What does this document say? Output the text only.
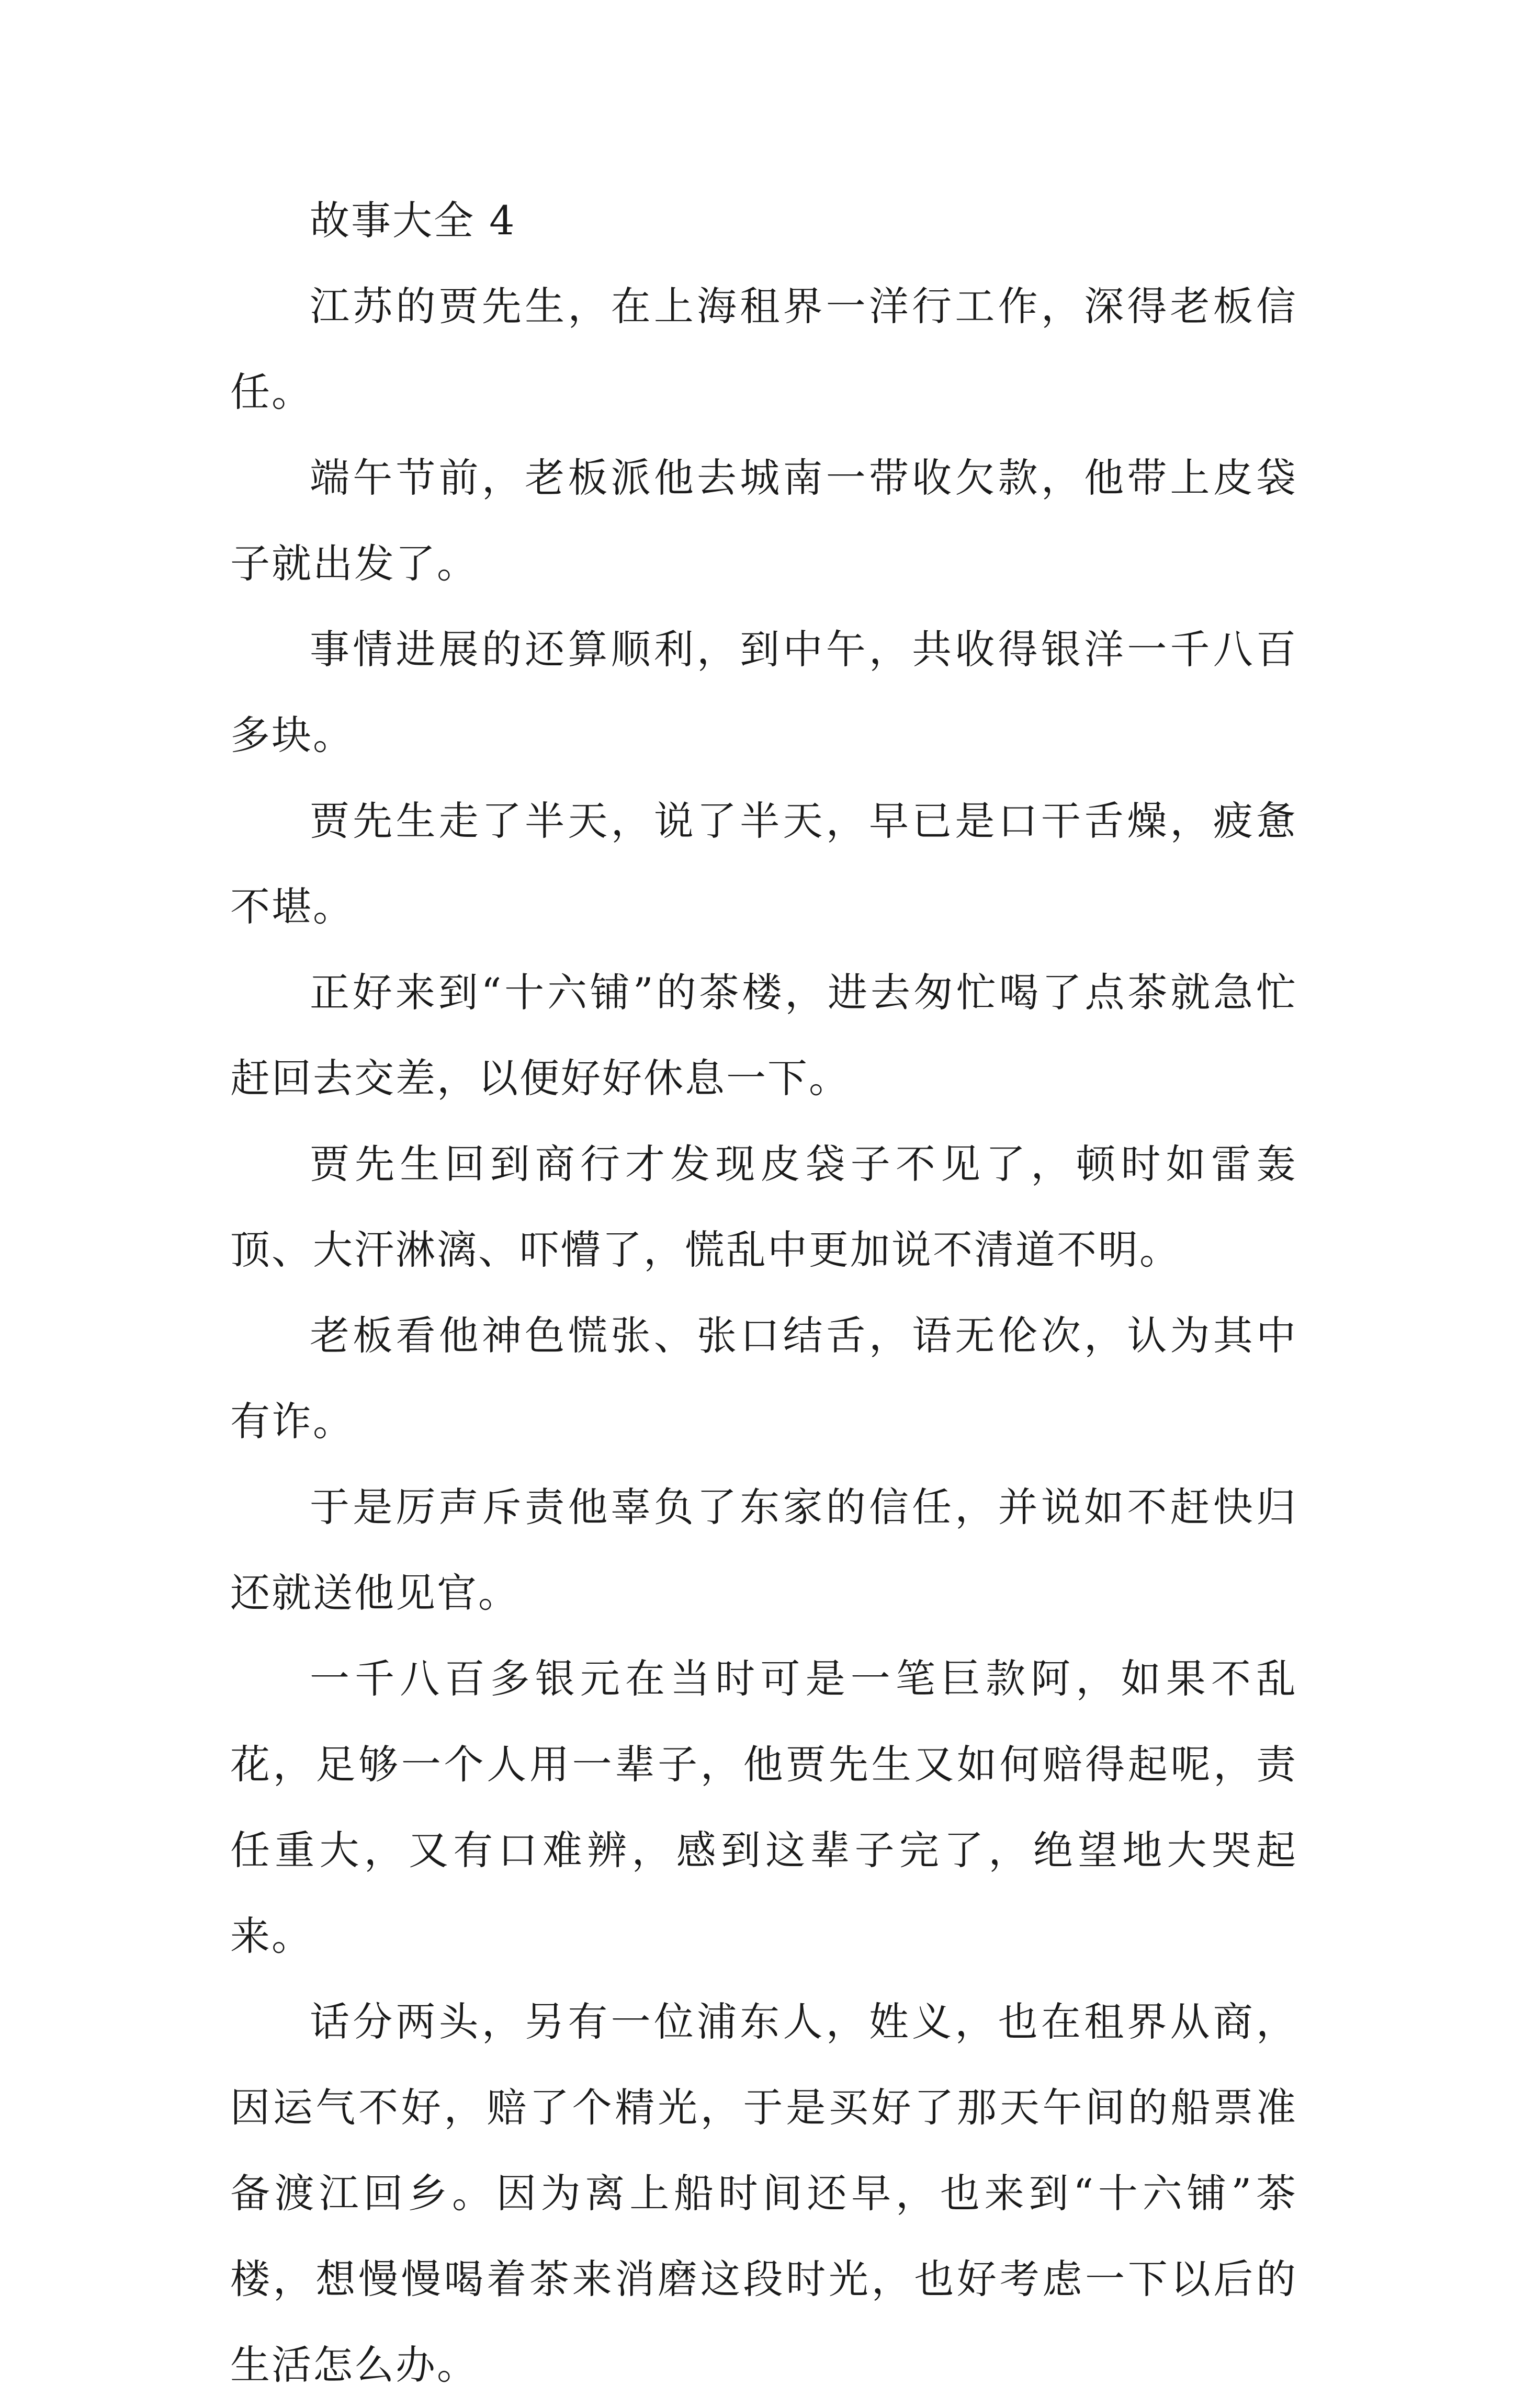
故事大全 4

江苏的贾先生，在上海租界一洋行工作，深得老板信任。

端午节前，老板派他去城南一带收欠款，他带上皮袋子就出发了。

事情进展的还算顺利，到中午，共收得银洋一千八百多块。

贾先生走了半天，说了半天，早已是口干舌燥，疲惫不堪。

正好来到“十六铺”的茶楼，进去匆忙喝了点茶就急忙赶回去交差，以便好好休息一下。

贾先生回到商行才发现皮袋子不见了，顿时如雷轰顶、大汗淋漓、吓懵了，慌乱中更加说不清道不明。

老板看他神色慌张、张口结舌，语无伦次，认为其中有诈。

于是厉声斥责他辜负了东家的信任，并说如不赶快归还就送他见官。

一千八百多银元在当时可是一笔巨款阿，如果不乱花，足够一个人用一辈子，他贾先生又如何赔得起呢，责任重大，又有口难辨，感到这辈子完了，绝望地大哭起来。

话分两头，另有一位浦东人，姓义，也在租界从商，因运气不好，赔了个精光，于是买好了那天午间的船票准备渡江回乡。因为离上船时间还早，也来到“十六铺”茶楼，想慢慢喝着茶来消磨这段时光，也好考虑一下以后的生活怎么办。
